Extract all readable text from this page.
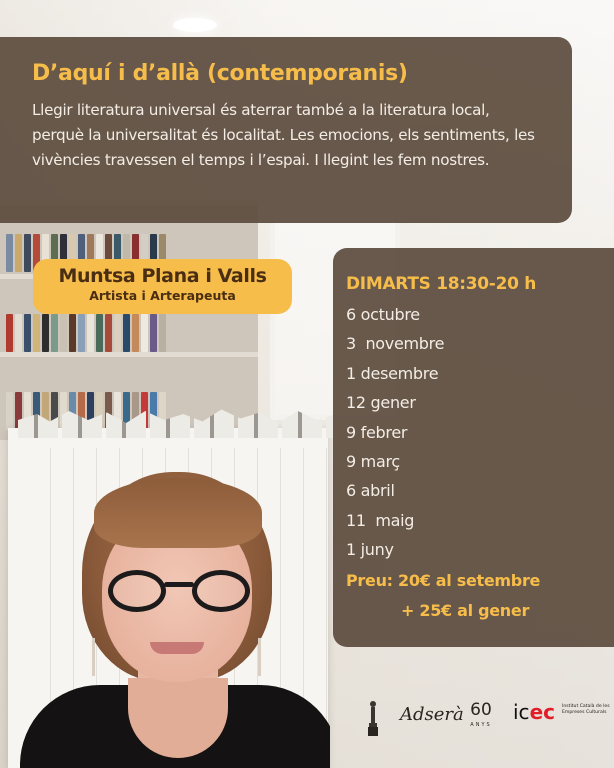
D’aquí i d’allà (contemporanis)

Llegir literatura universal és aterrar també a la literatura local, perquè la universalitat és localitat. Les emocions, els sentiments, les vivències travessen el temps i l’espai. I llegint les fem nostres.

Muntsa Plana i Valls
Artista i Arterapeuta
DIMARTS 18:30-20 h
6 octubre
3  novembre
1 desembre
12 gener
9 febrer
9 març
6 abril
11  maig
1 juny
Preu: 20€ al setembre
+ 25€ al gener
Adserà 60
ANYS
icec Institut Català de les Empreses Culturals
